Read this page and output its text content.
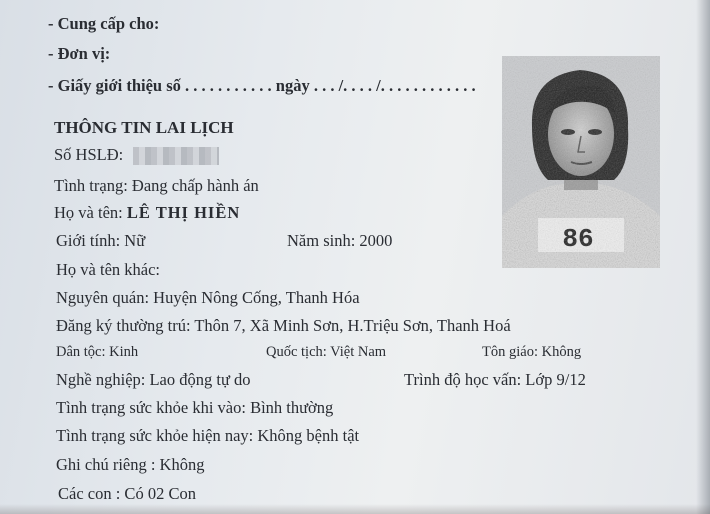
- Cung cấp cho:
- Đơn vị:
- Giấy giới thiệu số . . . . . . . . . . . ngày . . . /. . . . /. . . . . . . . . . . .
THÔNG TIN LAI LỊCH
Số HSLĐ:
Tình trạng: Đang chấp hành án
Họ và tên: LÊ THỊ HIỀN
Giới tính: Nữ	Năm sinh: 2000
Họ và tên khác:
Nguyên quán: Huyện Nông Cống, Thanh Hóa
Đăng ký thường trú: Thôn 7, Xã Minh Sơn, H.Triệu Sơn, Thanh Hoá
Dân tộc: Kinh	Quốc tịch: Việt Nam	Tôn giáo: Không
Nghề nghiệp: Lao động tự do	Trình độ học vấn: Lớp 9/12
Tình trạng sức khỏe khi vào: Bình thường
Tình trạng sức khỏe hiện nay: Không bệnh tật
Ghi chú riêng : Không
Các con : Có 02 Con
